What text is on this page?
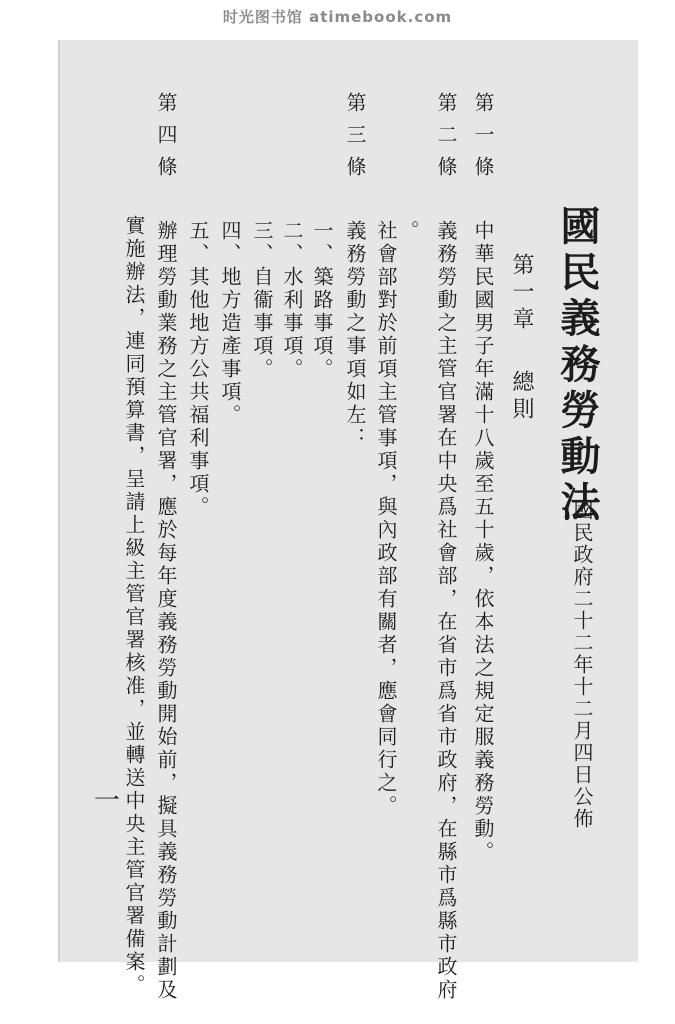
时光图书馆 atimebook.com
國民義務勞動法
國民政府二十二年十二月四日公佈
第一章
總則
第一條
中華民國男子年滿十八歲至五十歲，依本法之規定服義務勞動。
第二條
義務勞動之主管官署在中央爲社會部，在省市爲省市政府，在縣市爲縣市政府
。
社會部對於前項主管事項，與內政部有關者，應會同行之。
第三條
義務勞動之事項如左：
一、築路事項。
二、水利事項。
三、自衞事項。
四、地方造產事項。
五、其他地方公共福利事項。
第四條
辦理勞動業務之主管官署，應於每年度義務勞動開始前，擬具義務勞動計劃及
實施辦法，連同預算書，呈請上級主管官署核准，並轉送中央主管官署備案。
一
